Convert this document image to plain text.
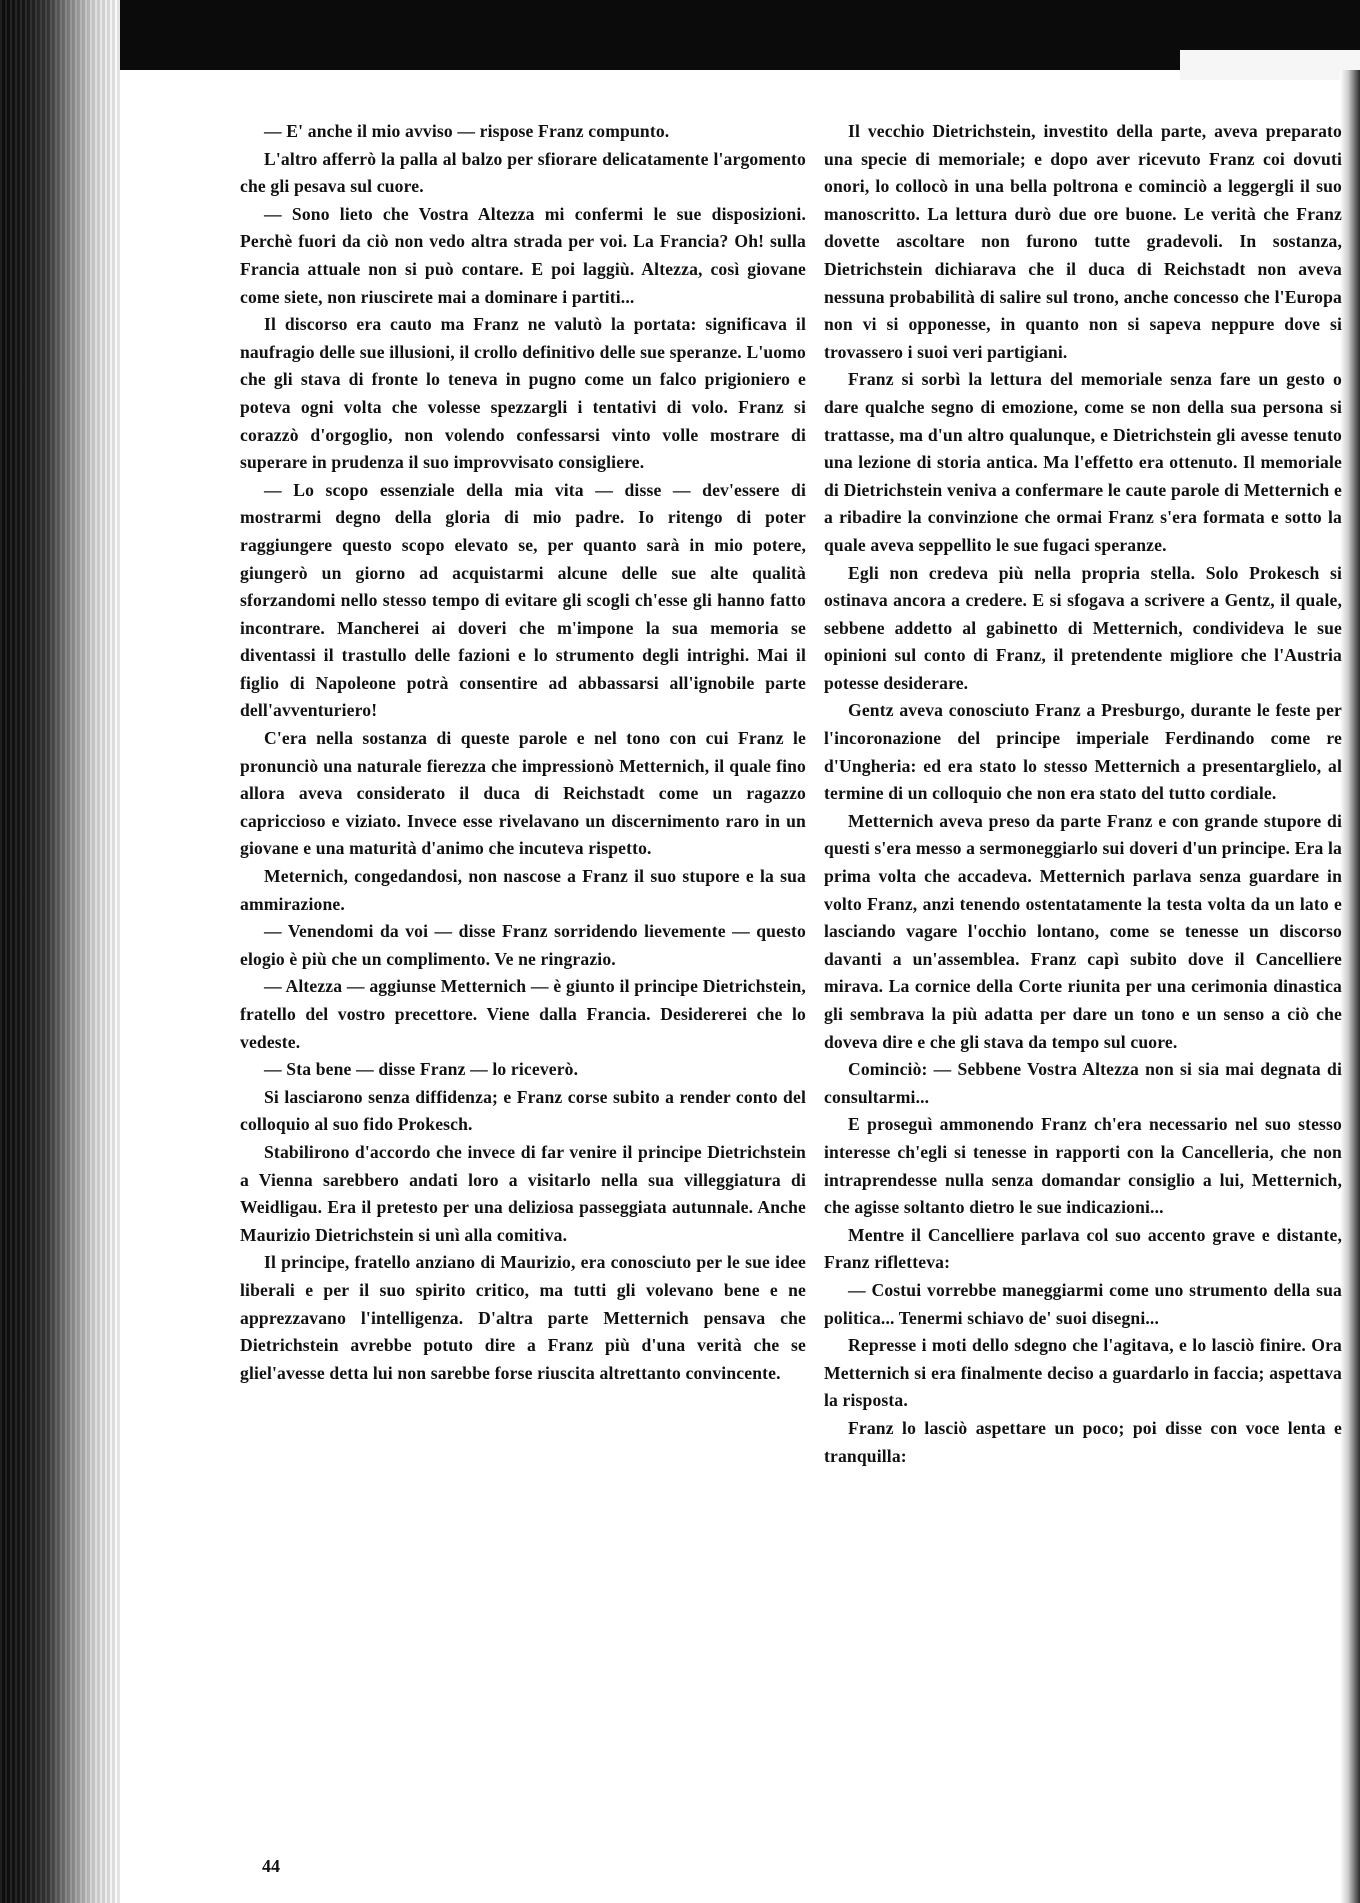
— E' anche il mio avviso — rispose Franz compunto.

L'altro afferrò la palla al balzo per sfiorare delicatamente l'argomento che gli pesava sul cuore.

— Sono lieto che Vostra Altezza mi confermi le sue disposizioni. Perchè fuori da ciò non vedo altra strada per voi. La Francia? Oh! sulla Francia attuale non si può contare. E poi laggiù. Altezza, così giovane come siete, non riuscirete mai a dominare i partiti...

Il discorso era cauto ma Franz ne valutò la portata: significava il naufragio delle sue illusioni, il crollo definitivo delle sue speranze. L'uomo che gli stava di fronte lo teneva in pugno come un falco prigioniero e poteva ogni volta che volesse spezzargli i tentativi di volo. Franz si corazzò d'orgoglio, non volendo confessarsi vinto volle mostrare di superare in prudenza il suo improvvisato consigliere.

— Lo scopo essenziale della mia vita — disse — dev'essere di mostrarmi degno della gloria di mio padre. Io ritengo di poter raggiungere questo scopo elevato se, per quanto sarà in mio potere, giungerò un giorno ad acquistarmi alcune delle sue alte qualità sforzandomi nello stesso tempo di evitare gli scogli ch'esse gli hanno fatto incontrare. Mancherei ai doveri che m'impone la sua memoria se diventassi il trastullo delle fazioni e lo strumento degli intrighi. Mai il figlio di Napoleone potrà consentire ad abbassarsi all'ignobile parte dell'avventuriero!

C'era nella sostanza di queste parole e nel tono con cui Franz le pronunciò una naturale fierezza che impressionò Metternich, il quale fino allora aveva considerato il duca di Reichstadt come un ragazzo capriccioso e viziato. Invece esse rivelavano un discernimento raro in un giovane e una maturità d'animo che incuteva rispetto.

Meternich, congedandosi, non nascose a Franz il suo stupore e la sua ammirazione.

— Venendomi da voi — disse Franz sorridendo lievemente — questo elogio è più che un complimento. Ve ne ringrazio.

— Altezza — aggiunse Metternich — è giunto il principe Dietrichstein, fratello del vostro precettore. Viene dalla Francia. Desidererei che lo vedeste.

— Sta bene — disse Franz — lo riceverò.

Si lasciarono senza diffidenza; e Franz corse subito a render conto del colloquio al suo fido Prokesch.

Stabilirono d'accordo che invece di far venire il principe Dietrichstein a Vienna sarebbero andati loro a visitarlo nella sua villeggiatura di Weidligau. Era il pretesto per una deliziosa passeggiata autunnale. Anche Maurizio Dietrichstein si unì alla comitiva.

Il principe, fratello anziano di Maurizio, era conosciuto per le sue idee liberali e per il suo spirito critico, ma tutti gli volevano bene e ne apprezzavano l'intelligenza. D'altra parte Metternich pensava che Dietrichstein avrebbe potuto dire a Franz più d'una verità che se gliel'avesse detta lui non sarebbe forse riuscita altrettanto convincente.

Il vecchio Dietrichstein, investito della parte, aveva preparato una specie di memoriale; e dopo aver ricevuto Franz coi dovuti onori, lo collocò in una bella poltrona e cominciò a leggergli il suo manoscritto. La lettura durò due ore buone. Le verità che Franz dovette ascoltare non furono tutte gradevoli. In sostanza, Dietrichstein dichiarava che il duca di Reichstadt non aveva nessuna probabilità di salire sul trono, anche concesso che l'Europa non vi si opponesse, in quanto non si sapeva neppure dove si trovassero i suoi veri partigiani.

Franz si sorbì la lettura del memoriale senza fare un gesto o dare qualche segno di emozione, come se non della sua persona si trattasse, ma d'un altro qualunque, e Dietrichstein gli avesse tenuto una lezione di storia antica. Ma l'effetto era ottenuto. Il memoriale di Dietrichstein veniva a confermare le caute parole di Metternich e a ribadire la convinzione che ormai Franz s'era formata e sotto la quale aveva seppellito le sue fugaci speranze.

Egli non credeva più nella propria stella. Solo Prokesch si ostinava ancora a credere. E si sfogava a scrivere a Gentz, il quale, sebbene addetto al gabinetto di Metternich, condivideva le sue opinioni sul conto di Franz, il pretendente migliore che l'Austria potesse desiderare.

Gentz aveva conosciuto Franz a Presburgo, durante le feste per l'incoronazione del principe imperiale Ferdinando come re d'Ungheria: ed era stato lo stesso Metternich a presentarglielo, al termine di un colloquio che non era stato del tutto cordiale.

Metternich aveva preso da parte Franz e con grande stupore di questi s'era messo a sermoneggiarlo sui doveri d'un principe. Era la prima volta che accadeva. Metternich parlava senza guardare in volto Franz, anzi tenendo ostentatamente la testa volta da un lato e lasciando vagare l'occhio lontano, come se tenesse un discorso davanti a un'assemblea. Franz capì subito dove il Cancelliere mirava. La cornice della Corte riunita per una cerimonia dinastica gli sembrava la più adatta per dare un tono e un senso a ciò che doveva dire e che gli stava da tempo sul cuore.

Cominciò: — Sebbene Vostra Altezza non si sia mai degnata di consultarmi...

E proseguì ammonendo Franz ch'era necessario nel suo stesso interesse ch'egli si tenesse in rapporti con la Cancelleria, che non intraprendesse nulla senza domandar consiglio a lui, Metternich, che agisse soltanto dietro le sue indicazioni...

Mentre il Cancelliere parlava col suo accento grave e distante, Franz rifletteva:

— Costui vorrebbe maneggiarmi come uno strumento della sua politica... Tenermi schiavo de' suoi disegni...

Represse i moti dello sdegno che l'agitava, e lo lasciò finire. Ora Metternich si era finalmente deciso a guardarlo in faccia; aspettava la risposta.

Franz lo lasciò aspettare un poco; poi disse con voce lenta e tranquilla:

44
